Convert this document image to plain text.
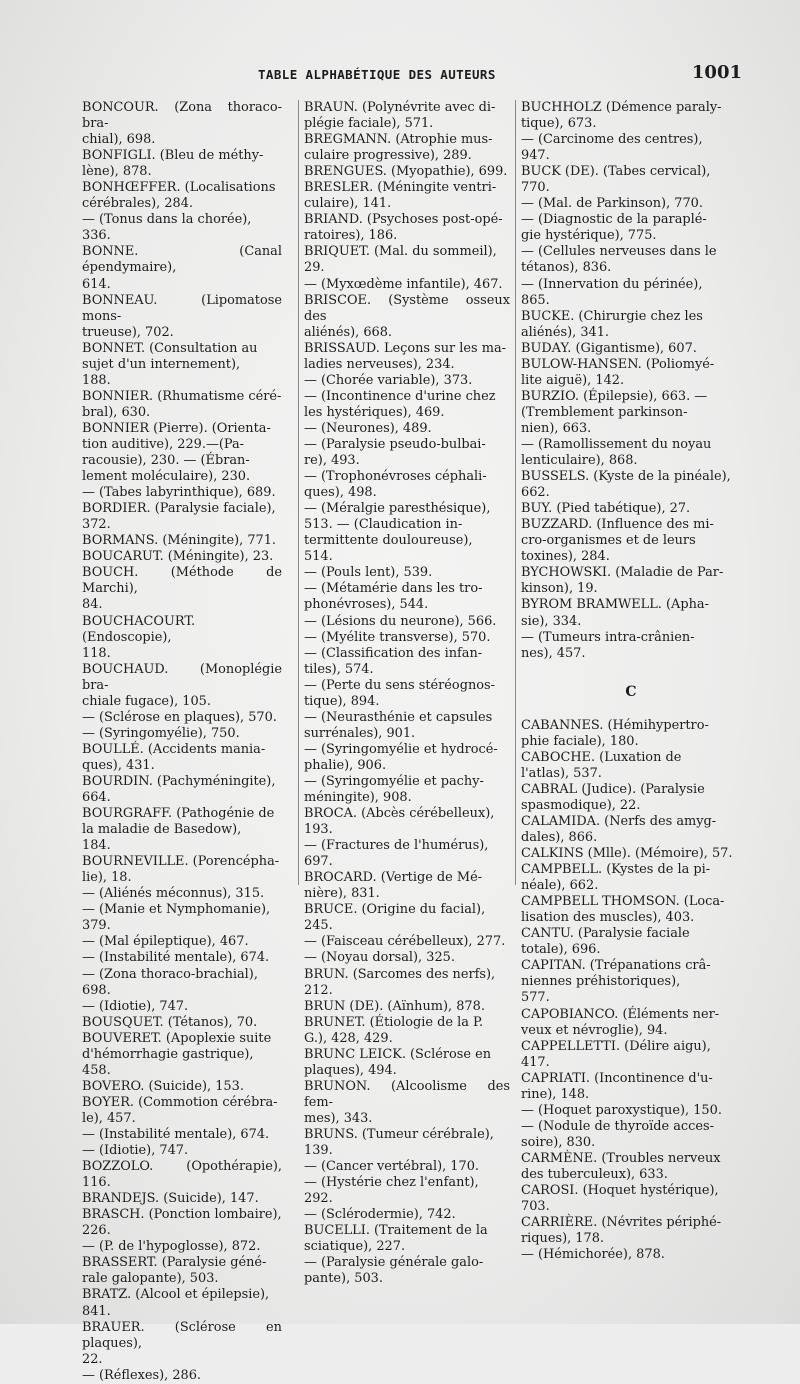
TABLE ALPHABÉTIQUE DES AUTEURS	1001

BONCOUR. (Zona thoraco-bra-
chial), 698.

BONFIGLI. (Bleu de méthy-
lène), 878.

BONHŒFFER. (Localisations
cérébrales), 284.

— (Tonus dans la chorée),
336.

BONNE. (Canal épendymaire),
614.

BONNEAU. (Lipomatose mons-
trueuse), 702.

BONNET. (Consultation au
sujet d'un internement),
188.

BONNIER. (Rhumatisme céré-
bral), 630.

BONNIER (Pierre). (Orienta-
tion auditive), 229.—(Pa-
racousie), 230. — (Ébran-
lement moléculaire), 230.

— (Tabes labyrinthique), 689.

BORDIER. (Paralysie faciale),
372.

BORMANS. (Méningite), 771.

BOUCARUT. (Méningite), 23.

BOUCH. (Méthode de Marchi),
84.

BOUCHACOURT. (Endoscopie),
118.

BOUCHAUD. (Monoplégie bra-
chiale fugace), 105.

— (Sclérose en plaques), 570.

— (Syringomyélie), 750.

BOULLÉ. (Accidents mania-
ques), 431.

BOURDIN. (Pachyméningite),
664.

BOURGRAFF. (Pathogénie de
la maladie de Basedow),
184.

BOURNEVILLE. (Porencépha-
lie), 18.

— (Aliénés méconnus), 315.

— (Manie et Nymphomanie),
379.

— (Mal épileptique), 467.

— (Instabilité mentale), 674.

— (Zona thoraco-brachial),
698.

— (Idiotie), 747.

BOUSQUET. (Tétanos), 70.

BOUVERET. (Apoplexie suite
d'hémorrhagie gastrique),
458.

BOVERO. (Suicide), 153.

BOYER. (Commotion cérébra-
le), 457.

— (Instabilité mentale), 674.

— (Idiotie), 747.

BOZZOLO. (Opothérapie), 116.

BRANDEJS. (Suicide), 147.

BRASCH. (Ponction lombaire),
226.

— (P. de l'hypoglosse), 872.

BRASSERT. (Paralysie géné-
rale galopante), 503.

BRATZ. (Alcool et épilepsie),
841.

BRAUER. (Sclérose en plaques),
22.

— (Réflexes), 286.

BRAUN. (Polynévrite avec di-
plégie faciale), 571.

BREGMANN. (Atrophie mus-
culaire progressive), 289.

BRENGUES. (Myopathie), 699.

BRESLER. (Méningite ventri-
culaire), 141.

BRIAND. (Psychoses post-opé-
ratoires), 186.

BRIQUET. (Mal. du sommeil),
29.

— (Myxœdème infantile), 467.

BRISCOE. (Système osseux des
aliénés), 668.

BRISSAUD. Leçons sur les ma-
ladies nerveuses), 234.

— (Chorée variable), 373.

— (Incontinence d'urine chez
les hystériques), 469.

— (Neurones), 489.

— (Paralysie pseudo-bulbai-
re), 493.

— (Trophonévroses céphali-
ques), 498.

— (Méralgie paresthésique),
513. — (Claudication in-
termittente douloureuse),
514.

— (Pouls lent), 539.

— (Métamérie dans les tro-
phonévroses), 544.

— (Lésions du neurone), 566.

— (Myélite transverse), 570.

— (Classification des infan-
tiles), 574.

— (Perte du sens stéréognos-
tique), 894.

— (Neurasthénie et capsules
surrénales), 901.

— (Syringomyélie et hydrocé-
phalie), 906.

— (Syringomyélie et pachy-
méningite), 908.

BROCA. (Abcès cérébelleux),
193.

— (Fractures de l'humérus),
697.

BROCARD. (Vertige de Mé-
nière), 831.

BRUCE. (Origine du facial),
245.

— (Faisceau cérébelleux), 277.

— (Noyau dorsal), 325.

BRUN. (Sarcomes des nerfs),
212.

BRUN (DE). (Aïnhum), 878.

BRUNET. (Étiologie de la P.
G.), 428, 429.

BRUNC LEICK. (Sclérose en
plaques), 494.

BRUNON. (Alcoolisme des fem-
mes), 343.

BRUNS. (Tumeur cérébrale),
139.

— (Cancer vertébral), 170.

— (Hystérie chez l'enfant),
292.

— (Sclérodermie), 742.

BUCELLI. (Traitement de la
sciatique), 227.

— (Paralysie générale galo-
pante), 503.

BUCHHOLZ (Démence paraly-
tique), 673.

— (Carcinome des centres),
947.

BUCK (DE). (Tabes cervical),
770.

— (Mal. de Parkinson), 770.

— (Diagnostic de la paraplé-
gie hystérique), 775.

— (Cellules nerveuses dans le
tétanos), 836.

— (Innervation du périnée),
865.

BUCKE. (Chirurgie chez les
aliénés), 341.

BUDAY. (Gigantisme), 607.

BULOW-HANSEN. (Poliomyé-
lite aiguë), 142.

BURZIO. (Épilepsie), 663. —
(Tremblement parkinson-
nien), 663.

— (Ramollissement du noyau
lenticulaire), 868.

BUSSELS. (Kyste de la pinéale),
662.

BUY. (Pied tabétique), 27.

BUZZARD. (Influence des mi-
cro-organismes et de leurs
toxines), 284.

BYCHOWSKI. (Maladie de Par-
kinson), 19.

BYROM BRAMWELL. (Apha-
sie), 334.

— (Tumeurs intra-crânien-
nes), 457.

C

CABANNES. (Hémihypertro-
phie faciale), 180.

CABOCHE. (Luxation de
l'atlas), 537.

CABRAL (Judice). (Paralysie
spasmodique), 22.

CALAMIDA. (Nerfs des amyg-
dales), 866.

CALKINS (Mlle). (Mémoire), 57.

CAMPBELL. (Kystes de la pi-
néale), 662.

CAMPBELL THOMSON. (Loca-
lisation des muscles), 403.

CANTU. (Paralysie faciale
totale), 696.

CAPITAN. (Trépanations crâ-
niennes préhistoriques),
577.

CAPOBIANCO. (Éléments ner-
veux et névroglie), 94.

CAPPELLETTI. (Délire aigu),
417.

CAPRIATI. (Incontinence d'u-
rine), 148.

— (Hoquet paroxystique), 150.

— (Nodule de thyroïde acces-
soire), 830.

CARMÈNE. (Troubles nerveux
des tuberculeux), 633.

CAROSI. (Hoquet hystérique),
703.

CARRIÈRE. (Névrites périphé-
riques), 178.

— (Hémichorée), 878.
